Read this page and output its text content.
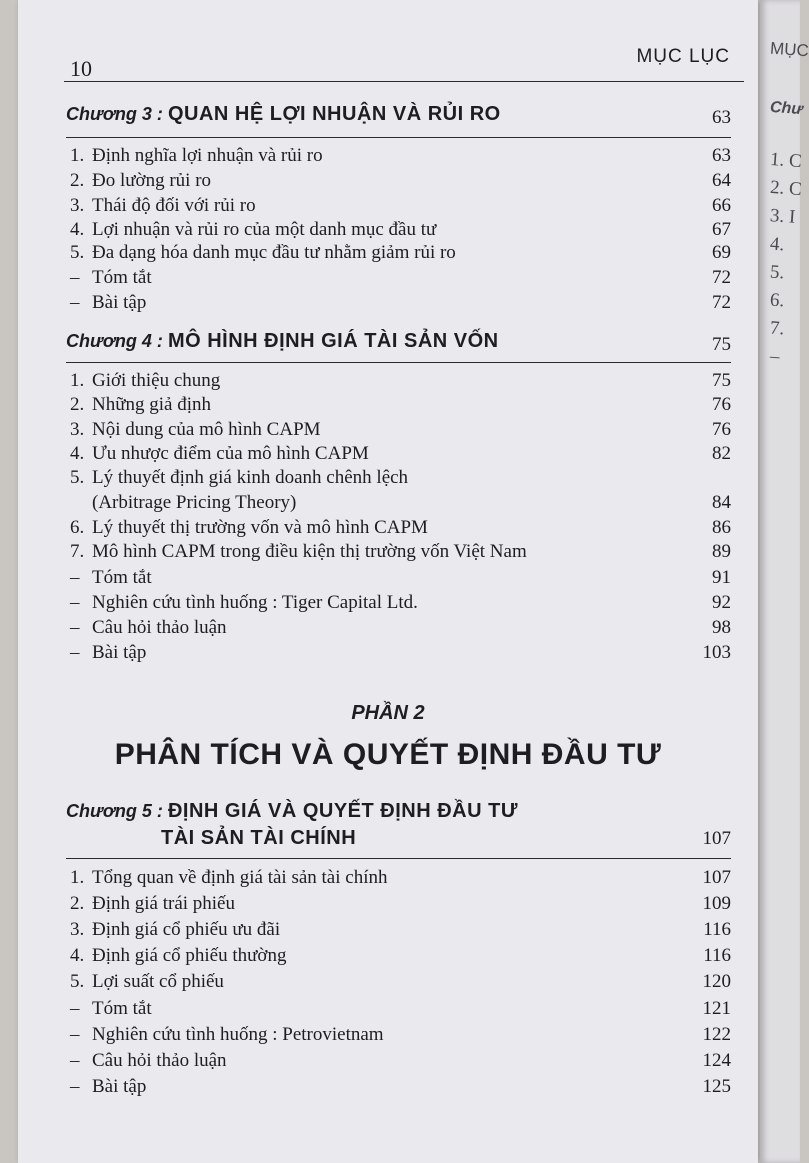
10	MỤC LỤC
Chương 3 : QUAN HỆ LỢI NHUẬN VÀ RỦI RO	63
1. Định nghĩa lợi nhuận và rủi ro	63
2. Đo lường rủi ro	64
3. Thái độ đối với rủi ro	66
4. Lợi nhuận và rủi ro của một danh mục đầu tư	67
5. Đa dạng hóa danh mục đầu tư nhằm giảm rủi ro	69
– Tóm tắt	72
– Bài tập	72
Chương 4 : MÔ HÌNH ĐỊNH GIÁ TÀI SẢN VỐN	75
1. Giới thiệu chung	75
2. Những giả định	76
3. Nội dung của mô hình CAPM	76
4. Ưu nhược điểm của mô hình CAPM	82
5. Lý thuyết định giá kinh doanh chênh lệch
(Arbitrage Pricing Theory)	84
6. Lý thuyết thị trường vốn và mô hình CAPM	86
7. Mô hình CAPM trong điều kiện thị trường vốn Việt Nam	89
– Tóm tắt	91
– Nghiên cứu tình huống : Tiger Capital Ltd.	92
– Câu hỏi thảo luận	98
– Bài tập	103
PHẦN 2
PHÂN TÍCH VÀ QUYẾT ĐỊNH ĐẦU TƯ
Chương 5 : ĐỊNH GIÁ VÀ QUYẾT ĐỊNH ĐẦU TƯ
TÀI SẢN TÀI CHÍNH	107
1. Tổng quan về định giá tài sản tài chính	107
2. Định giá trái phiếu	109
3. Định giá cổ phiếu ưu đãi	116
4. Định giá cổ phiếu thường	116
5. Lợi suất cổ phiếu	120
– Tóm tắt	121
– Nghiên cứu tình huống : Petrovietnam	122
– Câu hỏi thảo luận	124
– Bài tập	125
MỤC
Chư
1. C
2. C
3. I
4.
5.
6.
7.
–
